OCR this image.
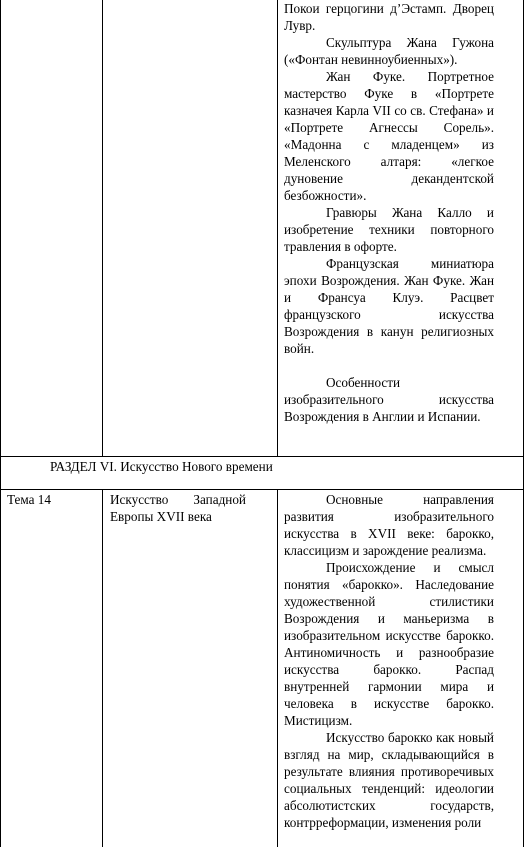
Покои герцогини д’Эстамп. Дворец Лувр.

Скульптура Жана Гужона («Фонтан невинноубиенных»).

Жан Фуке. Портретное мастерство Фуке в «Портрете казначея Карла VII со св. Стефана» и «Портрете Агнессы Сорель». «Мадонна с младенцем» из Меленского алтаря: «легкое дуновение декандентской безбожности».

Гравюры Жана Калло и изобретение техники повторного травления в офорте.

Французская миниатюра эпохи Возрождения. Жан Фуке. Жан и Франсуа Клуэ. Расцвет французского искусства Возрождения в канун религиозных войн.

Особенности изобразительного искусства Возрождения в Англии и Испании.

РАЗДЕЛ VI. Искусство Нового времени
Тема 14	Искусство Западной
Европы XVII века

Основные направления развития изобразительного искусства в XVII веке: барокко, классицизм и зарождение реализма.

Происхождение и смысл понятия «барокко». Наследование художественной стилистики Возрождения и маньеризма в изобразительном искусстве барокко. Антиномичность и разнообразие искусства барокко. Распад внутренней гармонии мира и человека в искусстве барокко. Мистицизм.

Искусство барокко как новый взгляд на мир, складывающийся в результате влияния противоречивых социальных тенденций: идеологии абсолютистских государств, контрреформации, изменения роли
